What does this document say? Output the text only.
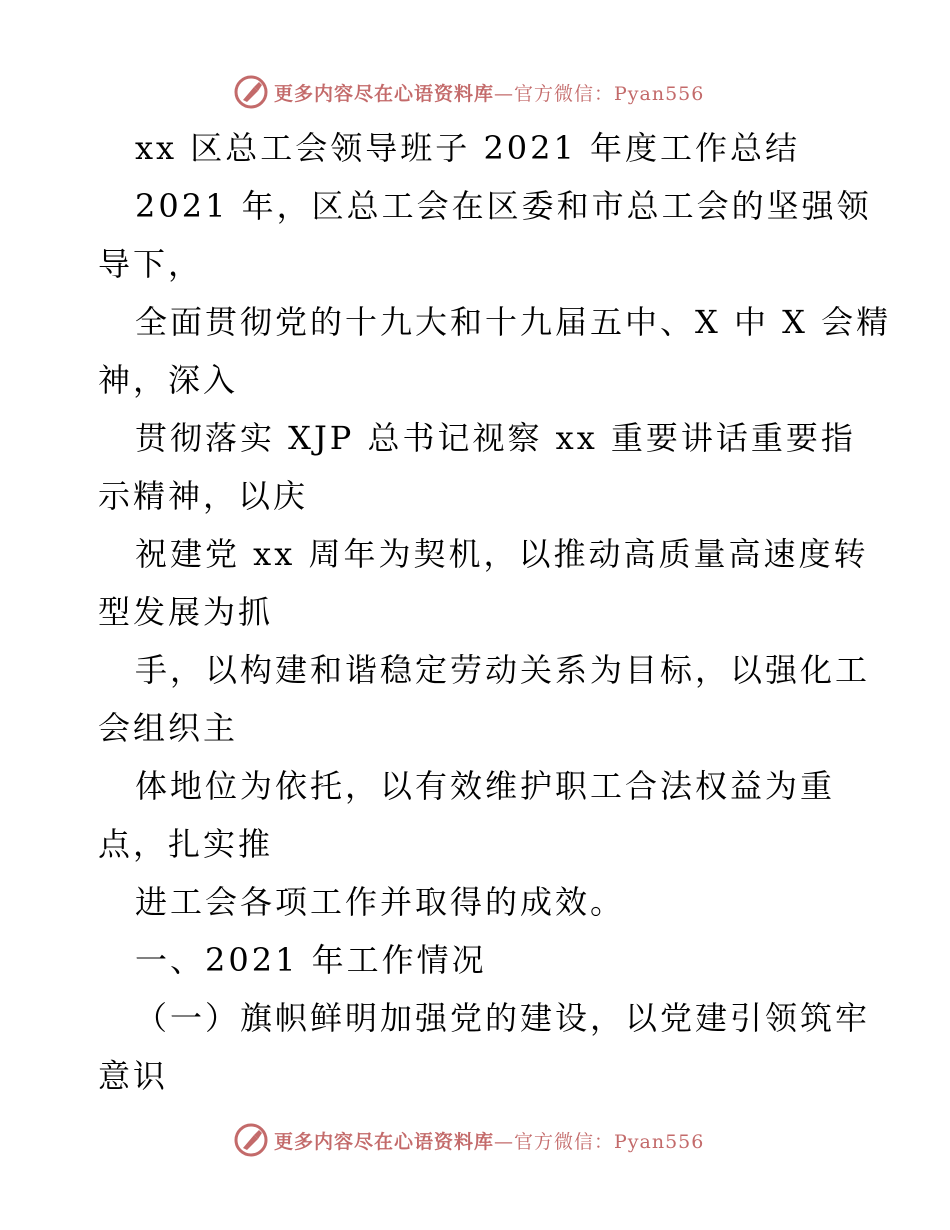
更多内容尽在心语资料库—官方微信：Pyan556
xx 区总工会领导班子 2021 年度工作总结
2021 年，区总工会在区委和市总工会的坚强领
导下，
全面贯彻党的十九大和十九届五中、X 中 X 会精
神，深入
贯彻落实 XJP 总书记视察 xx 重要讲话重要指
示精神，以庆
祝建党 xx 周年为契机，以推动高质量高速度转
型发展为抓
手，以构建和谐稳定劳动关系为目标，以强化工
会组织主
体地位为依托，以有效维护职工合法权益为重
点，扎实推
进工会各项工作并取得的成效。
一、2021 年工作情况
（一）旗帜鲜明加强党的建设，以党建引领筑牢
意识
更多内容尽在心语资料库—官方微信：Pyan556
